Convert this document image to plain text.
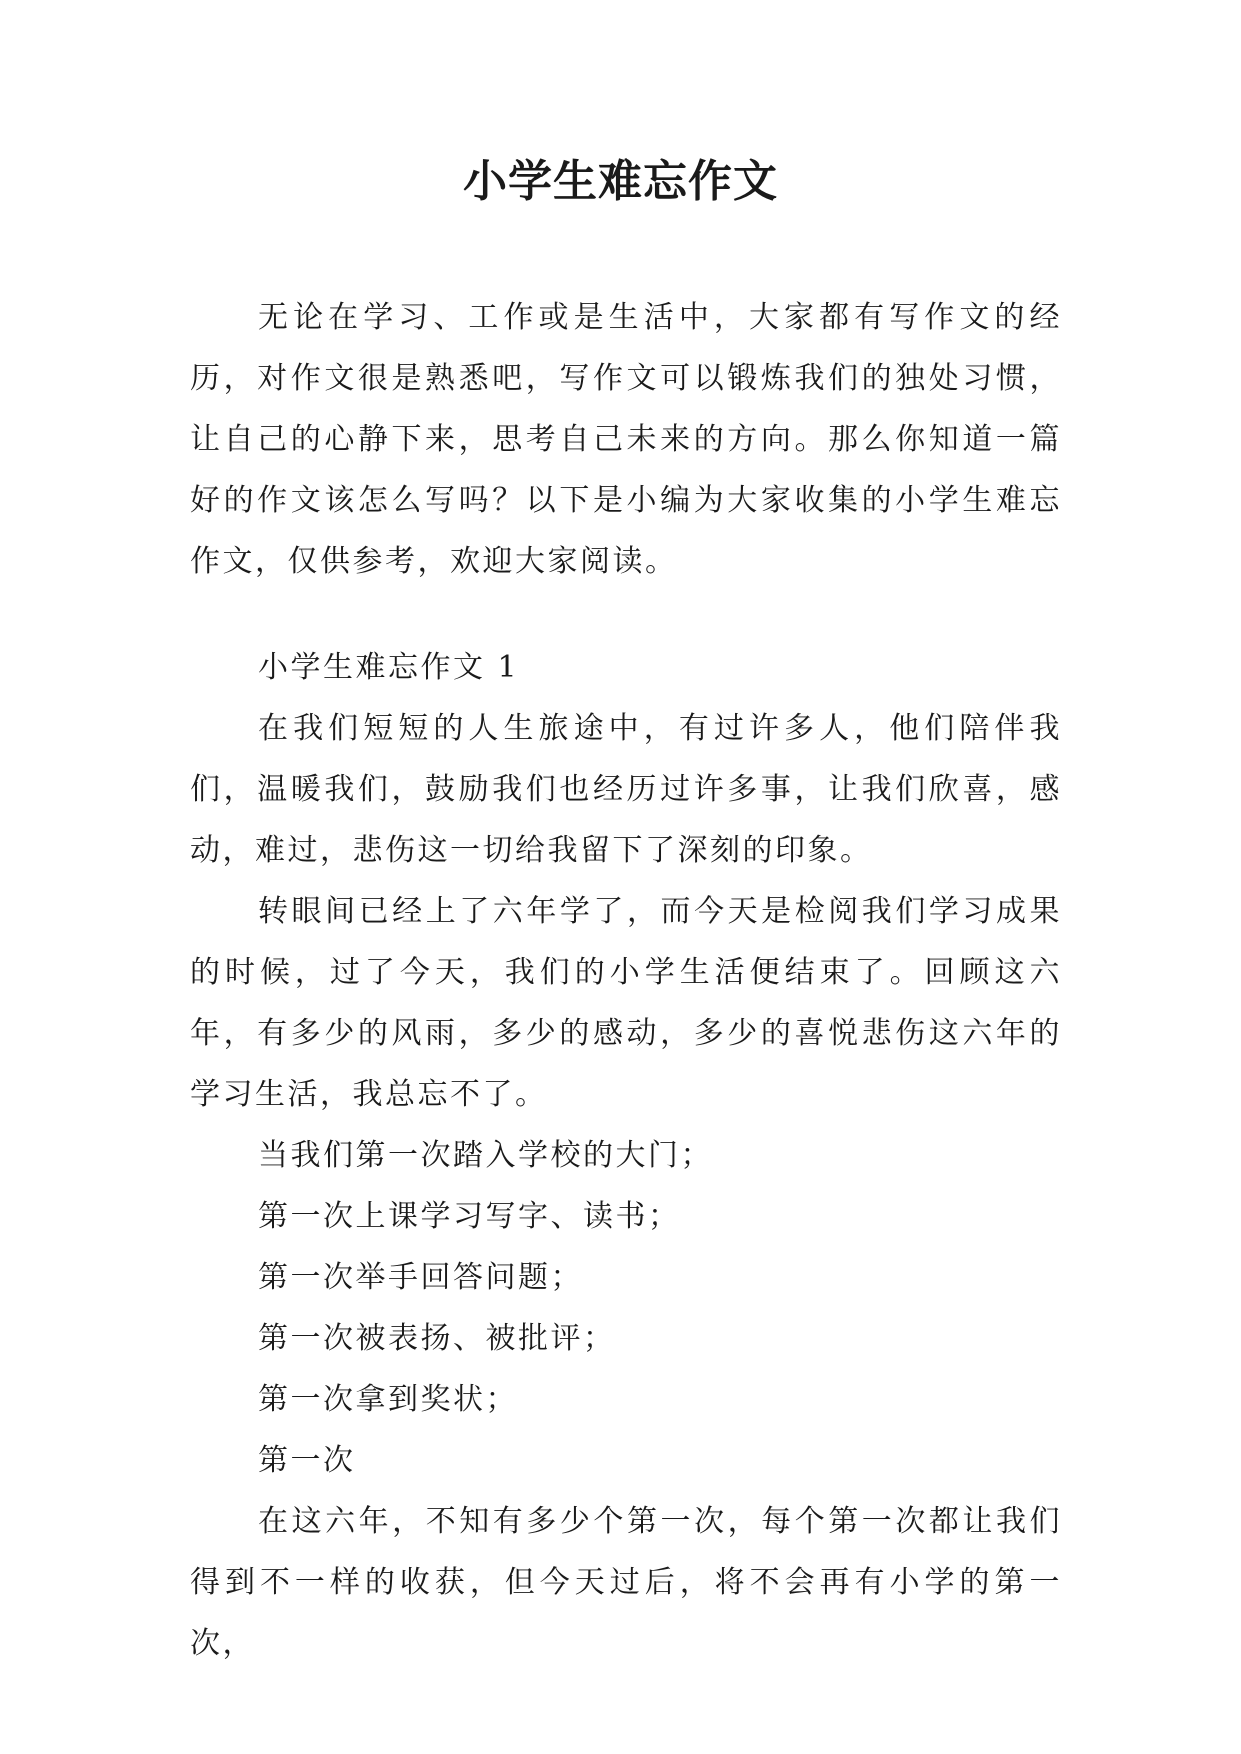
小学生难忘作文

无论在学习、工作或是生活中，大家都有写作文的经历，对作文很是熟悉吧，写作文可以锻炼我们的独处习惯，让自己的心静下来，思考自己未来的方向。那么你知道一篇好的作文该怎么写吗？以下是小编为大家收集的小学生难忘作文，仅供参考，欢迎大家阅读。

小学生难忘作文 1

在我们短短的人生旅途中，有过许多人，他们陪伴我们，温暖我们，鼓励我们也经历过许多事，让我们欣喜，感动，难过，悲伤这一切给我留下了深刻的印象。

转眼间已经上了六年学了，而今天是检阅我们学习成果的时候，过了今天，我们的小学生活便结束了。回顾这六年，有多少的风雨，多少的感动，多少的喜悦悲伤这六年的学习生活，我总忘不了。

当我们第一次踏入学校的大门；

第一次上课学习写字、读书；

第一次举手回答问题；

第一次被表扬、被批评；

第一次拿到奖状；

第一次

在这六年，不知有多少个第一次，每个第一次都让我们得到不一样的收获，但今天过后，将不会再有小学的第一次，
